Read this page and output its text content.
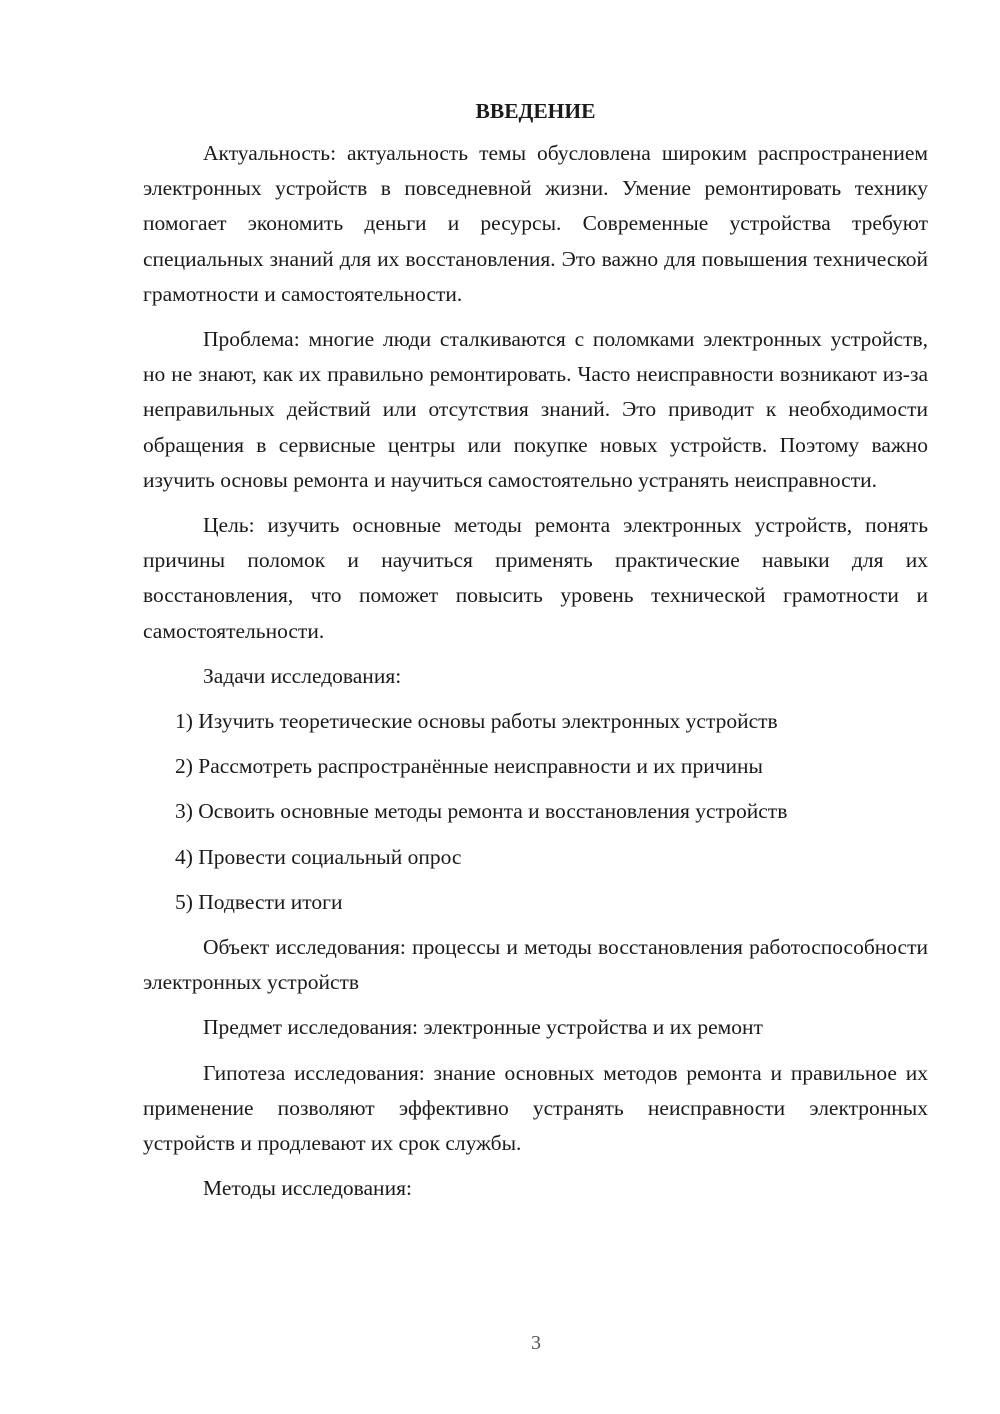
ВВЕДЕНИЕ

Актуальность: актуальность темы обусловлена широким распространением электронных устройств в повседневной жизни. Умение ремонтировать технику помогает экономить деньги и ресурсы. Современные устройства требуют специальных знаний для их восстановления. Это важно для повышения технической грамотности и самостоятельности.

Проблема: многие люди сталкиваются с поломками электронных устройств, но не знают, как их правильно ремонтировать. Часто неисправности возникают из-за неправильных действий или отсутствия знаний. Это приводит к необходимости обращения в сервисные центры или покупке новых устройств. Поэтому важно изучить основы ремонта и научиться самостоятельно устранять неисправности.

Цель: изучить основные методы ремонта электронных устройств, понять причины поломок и научиться применять практические навыки для их восстановления, что поможет повысить уровень технической грамотности и самостоятельности.

Задачи исследования:

1) Изучить теоретические основы работы электронных устройств
2) Рассмотреть распространённые неисправности и их причины
3) Освоить основные методы ремонта и восстановления устройств
4) Провести социальный опрос
5) Подвести итоги

Объект исследования: процессы и методы восстановления работоспособности электронных устройств

Предмет исследования: электронные устройства и их ремонт

Гипотеза исследования: знание основных методов ремонта и правильное их применение позволяют эффективно устранять неисправности электронных устройств и продлевают их срок службы.

Методы исследования:

3
